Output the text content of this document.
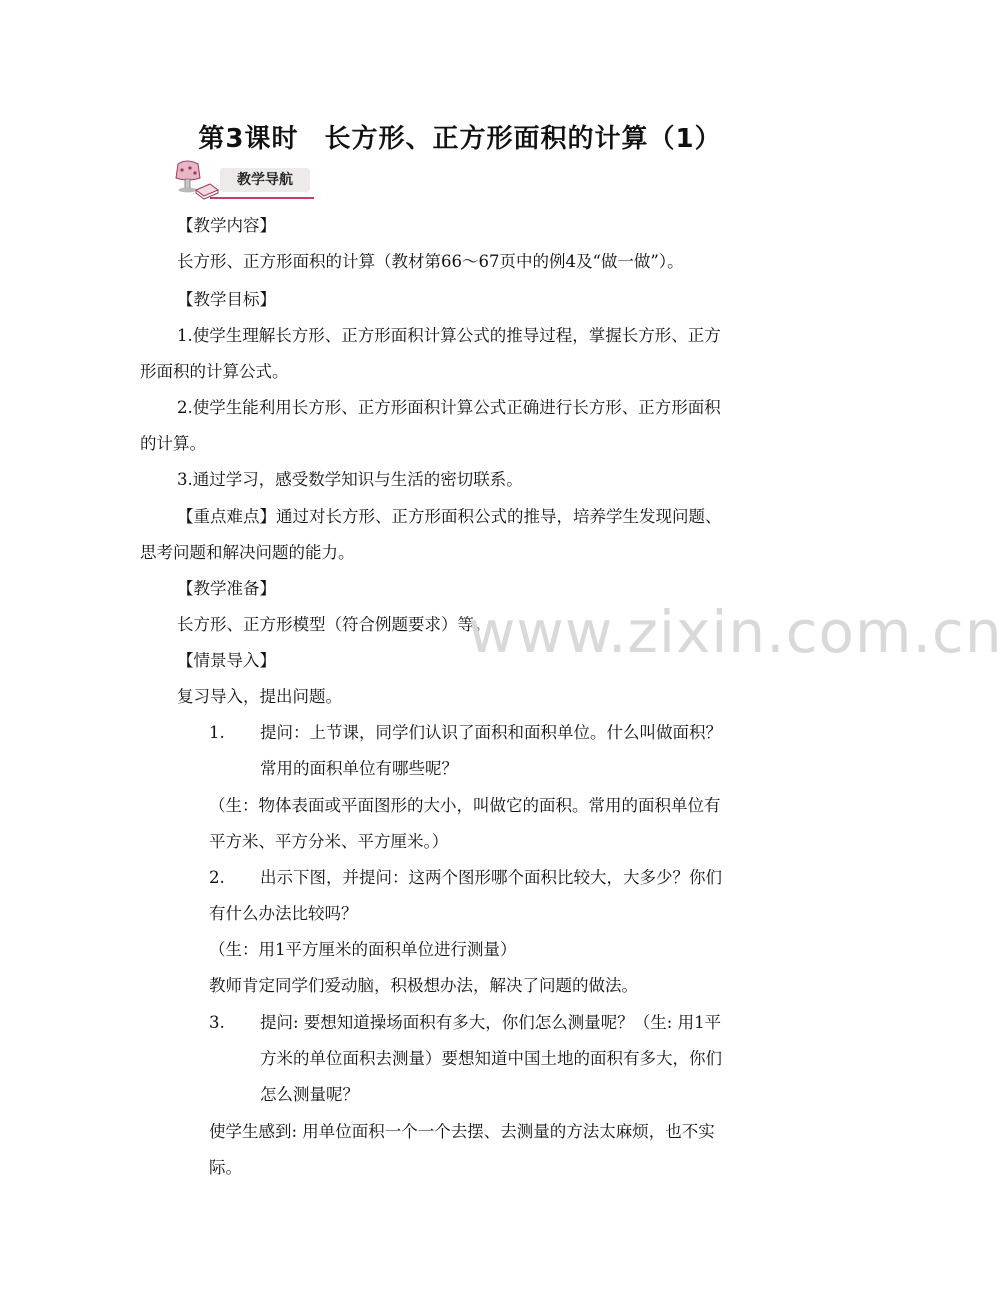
第3课时 长方形、正方形面积的计算（1）
教学导航
【教学内容】
长方形、正方形面积的计算（教材第66～67页中的例4及“做一做”）。
【教学目标】
1.使学生理解长方形、正方形面积计算公式的推导过程，掌握长方形、正方
形面积的计算公式。
2.使学生能利用长方形、正方形面积计算公式正确进行长方形、正方形面积
的计算。
3.通过学习，感受数学知识与生活的密切联系。
【重点难点】通过对长方形、正方形面积公式的推导，培养学生发现问题、
思考问题和解决问题的能力。
【教学准备】
长方形、正方形模型（符合例题要求）等。
【情景导入】
复习导入，提出问题。
1. 提问：上节课，同学们认识了面积和面积单位。什么叫做面积？
常用的面积单位有哪些呢？
（生：物体表面或平面图形的大小，叫做它的面积。常用的面积单位有
平方米、平方分米、平方厘米。）
2. 出示下图，并提问：这两个图形哪个面积比较大，大多少？你们
有什么办法比较吗？
（生：用1平方厘米的面积单位进行测量）
教师肯定同学们爱动脑，积极想办法，解决了问题的做法。
3. 提问: 要想知道操场面积有多大，你们怎么测量呢？（生: 用1平
方米的单位面积去测量）要想知道中国土地的面积有多大，你们
怎么测量呢？
使学生感到: 用单位面积一个一个去摆、去测量的方法太麻烦，也不实
际。
www.zixin.com.cn
